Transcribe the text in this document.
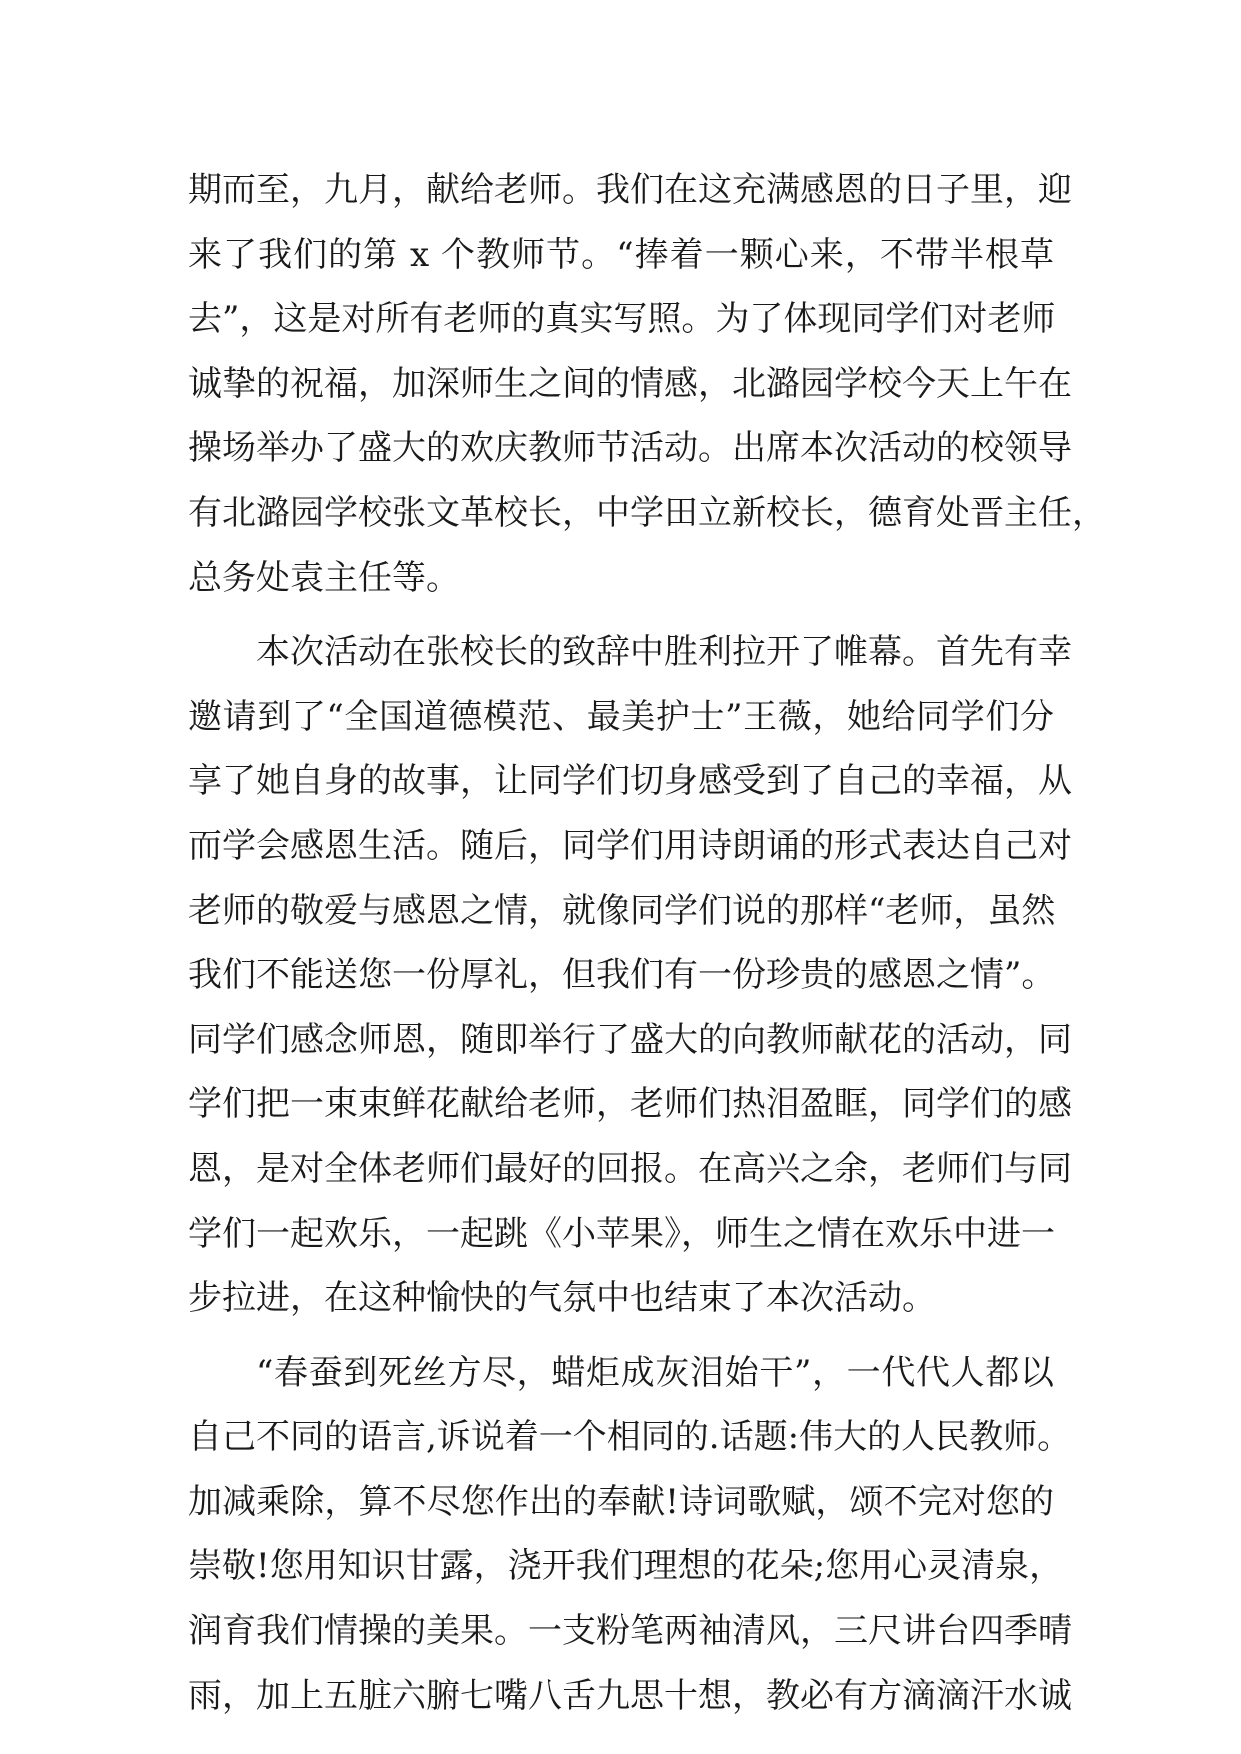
期而至，九月，献给老师。我们在这充满感恩的日子里，迎
来了我们的第 x 个教师节。“捧着一颗心来，不带半根草
去”，这是对所有老师的真实写照。为了体现同学们对老师
诚挚的祝福，加深师生之间的情感，北潞园学校今天上午在
操场举办了盛大的欢庆教师节活动。出席本次活动的校领导
有北潞园学校张文革校长，中学田立新校长，德育处晋主任，
总务处袁主任等。
本次活动在张校长的致辞中胜利拉开了帷幕。首先有幸
邀请到了“全国道德模范、最美护士”王薇，她给同学们分
享了她自身的故事，让同学们切身感受到了自己的幸福，从
而学会感恩生活。随后，同学们用诗朗诵的形式表达自己对
老师的敬爱与感恩之情，就像同学们说的那样“老师，虽然
我们不能送您一份厚礼，但我们有一份珍贵的感恩之情”。
同学们感念师恩，随即举行了盛大的向教师献花的活动，同
学们把一束束鲜花献给老师，老师们热泪盈眶，同学们的感
恩，是对全体老师们最好的回报。在高兴之余，老师们与同
学们一起欢乐，一起跳《小苹果》，师生之情在欢乐中进一
步拉进，在这种愉快的气氛中也结束了本次活动。
“春蚕到死丝方尽，蜡炬成灰泪始干”，一代代人都以
自己不同的语言,诉说着一个相同的.话题:伟大的人民教师。
加减乘除，算不尽您作出的奉献!诗词歌赋，颂不完对您的
崇敬!您用知识甘露，浇开我们理想的花朵;您用心灵清泉，
润育我们情操的美果。一支粉笔两袖清风，三尺讲台四季晴
雨，加上五脏六腑七嘴八舌九思十想，教必有方滴滴汗水诚
